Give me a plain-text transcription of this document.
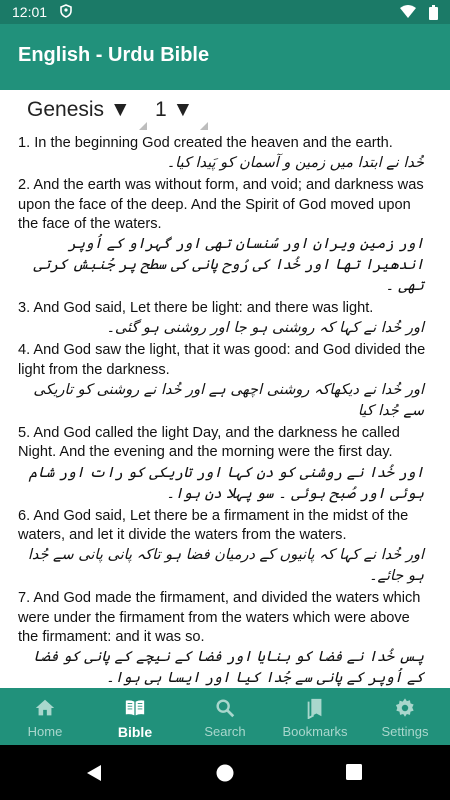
12:01
English - Urdu Bible
Genesis ▼	1 ▼
1. In the beginning God created the heaven and the earth.
خُدا نے ابتدا میں زمین و آسمان کو پَیدا کیا۔
2. And the earth was without form, and void; and darkness was upon the face of the deep. And the Spirit of God moved upon the face of the waters.
اور زمین ویران اور سُنسان تھی اور گہراو کے اُوپر اندھیرا تھا اور خُدا کی رُوح پانی کی سطح پر جُنبش کرتی تھی ۔
3. And God said, Let there be light: and there was light.
اور خُدا نے کہا کہ روشنی ہو جا اور روشنی ہو گئی۔
4. And God saw the light, that it was good: and God divided the light from the darkness.
اور خُدا نے دیکھاکہ روشنی اچھی ہے اور خُدا نے روشنی کو تاریکی سے جُدا کیا
5. And God called the light Day, and the darkness he called Night. And the evening and the morning were the first day.
اور خُدا نے روشنی کو دن کہا اور تاریکی کو رات اور شام ہوئی اور صُبح ہوئی ۔ سو پہلا دن ہوا۔
6. And God said, Let there be a firmament in the midst of the waters, and let it divide the waters from the waters.
اور خُدا نے کہا کہ پانیوں کے درمیان فضا ہو تاکہ پانی پانی سے جُدا ہو جائے۔
7. And God made the firmament, and divided the waters which were under the firmament from the waters which were above the firmament: and it was so.
پس خُدا نے فضا کو بنایا اور فضا کے نیچے کے پانی کو فضا کے اُوپر کے پانی سے جُدا کیا اور ایسا ہی ہوا۔
Home	Bible	Search	Bookmarks	Settings
